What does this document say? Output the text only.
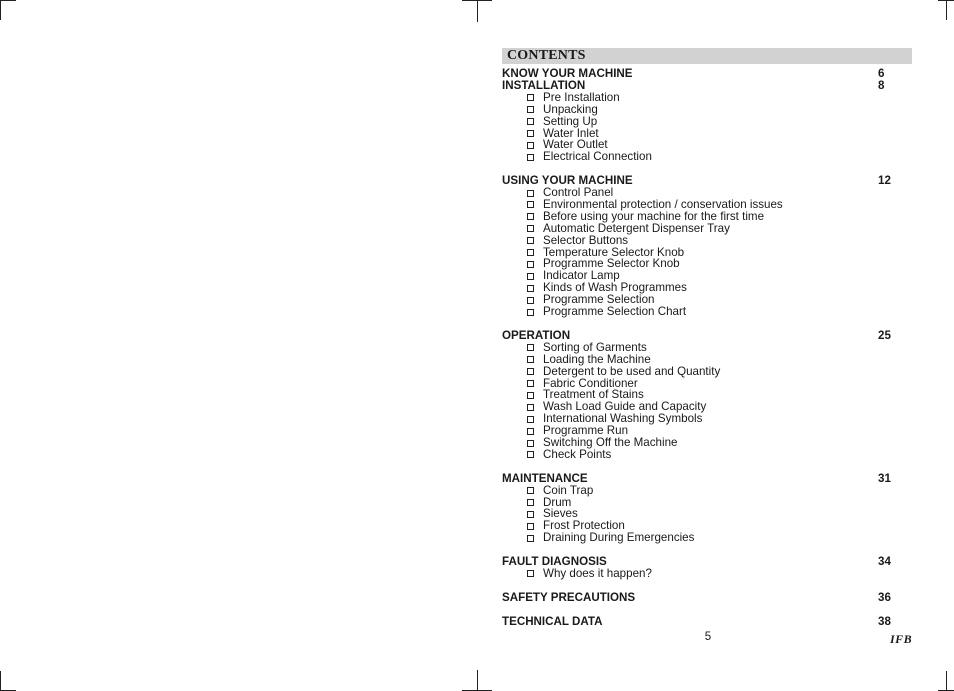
CONTENTS
KNOW YOUR MACHINE	6
INSTALLATION	8
Pre Installation
Unpacking
Setting Up
Water Inlet
Water Outlet
Electrical Connection
USING YOUR MACHINE	12
Control Panel
Environmental protection / conservation issues
Before using your machine for the first time
Automatic Detergent Dispenser Tray
Selector Buttons
Temperature Selector Knob
Programme Selector Knob
Indicator Lamp
Kinds of Wash Programmes
Programme Selection
Programme Selection Chart
OPERATION	25
Sorting of Garments
Loading the Machine
Detergent to be used and Quantity
Fabric Conditioner
Treatment of Stains
Wash Load Guide and Capacity
International Washing Symbols
Programme Run
Switching Off the Machine
Check Points
MAINTENANCE	31
Coin Trap
Drum
Sieves
Frost Protection
Draining During Emergencies
FAULT DIAGNOSIS	34
Why does it happen?
SAFETY PRECAUTIONS	36
TECHNICAL DATA	38
5	IFB
